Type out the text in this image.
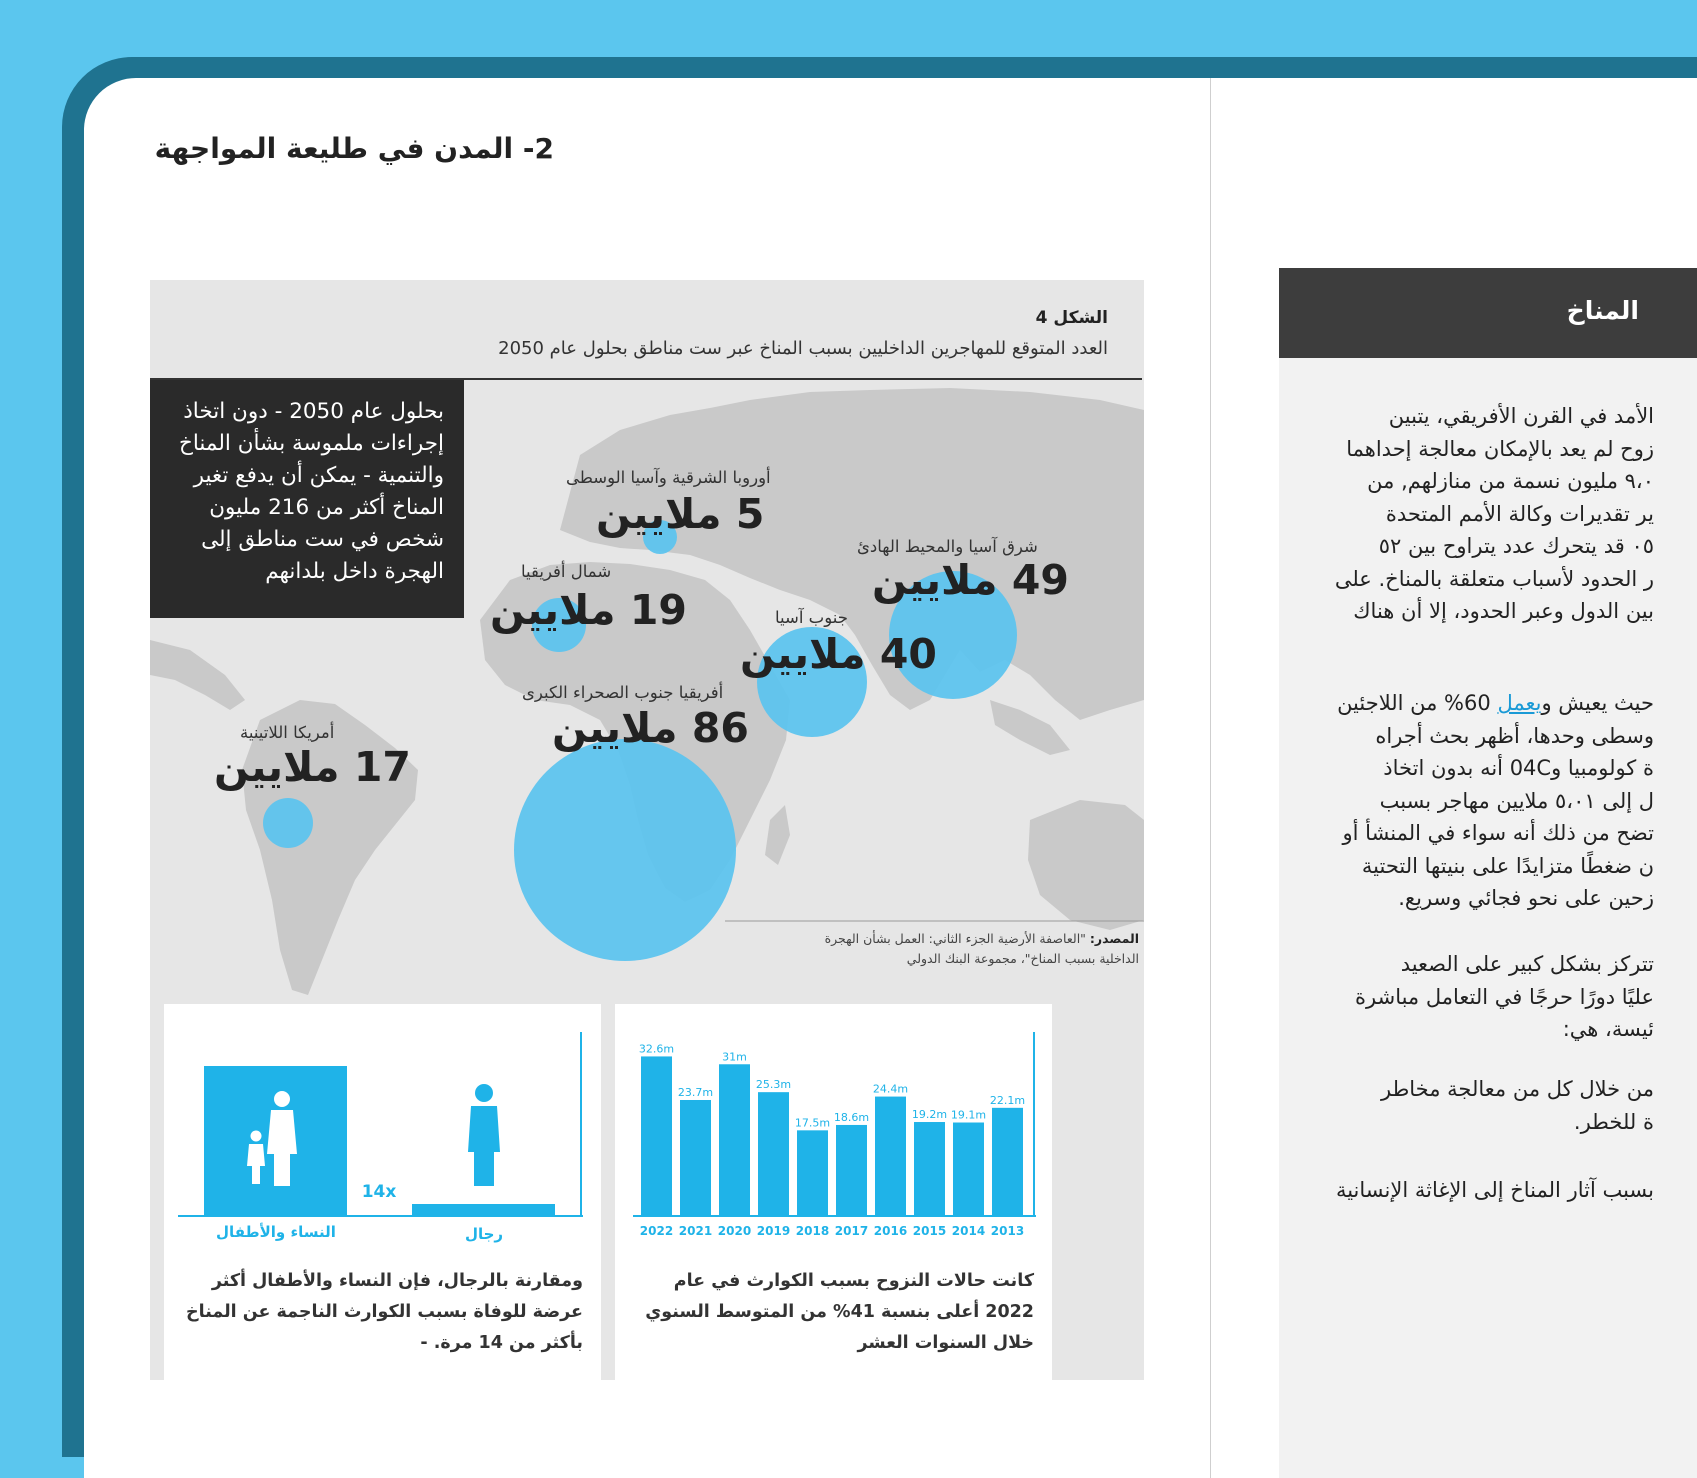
2- المدن في طليعة المواجهة
الشكل 4
العدد المتوقع للمهاجرين الداخليين بسبب المناخ عبر ست مناطق بحلول عام 2050
بحلول عام 2050 - دون اتخاذ إجراءات ملموسة بشأن المناخ والتنمية - يمكن أن يدفع تغير المناخ أكثر من 216 مليون شخص في ست مناطق إلى الهجرة داخل بلدانهم
أوروبا الشرقية وآسيا الوسطى
5 ملايين
شرق آسيا والمحيط الهادئ
49 ملايين
شمال أفريقيا
19 ملايين	جنوب آسيا
40 ملايين
أفريقيا جنوب الصحراء الكبرى
86 ملايين
أمريكا اللاتينية
17 ملايين
المصدر: "العاصفة الأرضية الجزء الثاني: العمل بشأن الهجرة الداخلية بسبب المناخ"، مجموعة البنك الدولي
14x
النساء والأطفال	رجال
ومقارنة بالرجال، فإن النساء والأطفال أكثر عرضة للوفاة بسبب الكوارث الناجمة عن المناخ بأكثر من 14 مرة. -
32.6m
2022
23.7m
2021
31m
2020
25.3m
2019
17.5m
2018
18.6m
2017
24.4m
2016
19.2m
2015
19.1m
2014
22.1m
2013
كانت حالات النزوح بسبب الكوارث في عام 2022 أعلى بنسبة 41% من المتوسط السنوي خلال السنوات العشر
المناخ
الأمد في القرن الأفريقي، يتبين
زوح لم يعد بالإمكان معالجة إحداهما
٩،٠ مليون نسمة من منازلهم, من
ير تقديرات وكالة الأمم المتحدة
٠٥ قد يتحرك عدد يتراوح بين ٥٢
ر الحدود لأسباب متعلقة بالمناخ. على
بين الدول وعبر الحدود، إلا أن هناك
حيث يعيش ويعمل 60% من اللاجئين
وسطى وحدها، أظهر بحث أجراه
ة كولومبيا و04C أنه بدون اتخاذ
ل إلى ٥،٠١ ملايين مهاجر بسبب
تضح من ذلك أنه سواء في المنشأ أو
ن ضغطًا متزايدًا على بنيتها التحتية
زحين على نحو فجائي وسريع.
تتركز بشكل كبير على الصعيد
عليًا دورًا حرجًا في التعامل مباشرة
ئيسة، هي:
من خلال كل من معالجة مخاطر
ة للخطر.
بسبب آثار المناخ إلى الإغاثة الإنسانية
